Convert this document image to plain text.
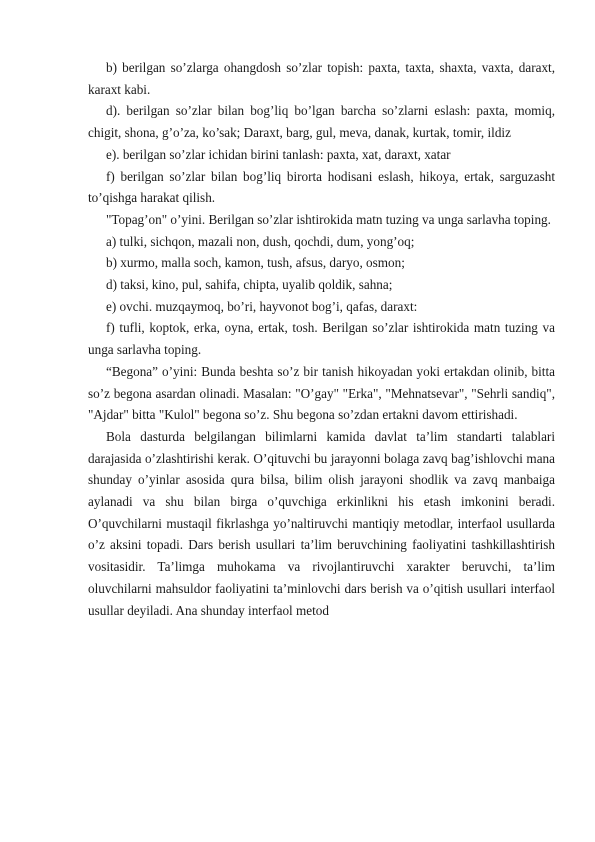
b) berilgan so’zlarga ohangdosh so’zlar topish: paxta, taxta, shaxta, vaxta, daraxt, karaxt kabi.

d). berilgan so’zlar bilan bog’liq bo’lgan barcha so’zlarni eslash: paxta, momiq, chigit, shona, g’o’za, ko’sak; Daraxt, barg, gul, meva, danak, kurtak, tomir, ildiz

e). berilgan so’zlar ichidan birini tanlash: paxta, xat, daraxt, xatar

f) berilgan so’zlar bilan bog’liq birorta hodisani eslash, hikoya, ertak, sarguzasht to’qishga harakat qilish.

"Topag’on" o’yini. Berilgan so’zlar ishtirokida matn tuzing va unga sarlavha toping.

a) tulki, sichqon, mazali non, dush, qochdi, dum, yong’oq;

b) xurmo, malla soch, kamon, tush, afsus, daryo, osmon;

d) taksi, kino, pul, sahifa, chipta, uyalib qoldik, sahna;

e) ovchi. muzqaymoq, bo’ri, hayvonot bog’i, qafas, daraxt:

f) tufli, koptok, erka, oyna, ertak, tosh. Berilgan so’zlar ishtirokida matn tuzing va unga sarlavha toping.

“Begona” o’yini: Bunda beshta so’z bir tanish hikoyadan yoki ertakdan olinib, bitta so’z begona asardan olinadi. Masalan: "O’gay" "Erka", "Mehnatsevar", "Sehrli sandiq", "Ajdar" bitta "Kulol" begona so’z. Shu begona so’zdan ertakni davom ettirishadi.

Bola dasturda belgilangan bilimlarni kamida davlat ta’lim standarti talablari darajasida o’zlashtirishi kerak. O’qituvchi bu jarayonni bolaga zavq bag’ishlovchi mana shunday o’yinlar asosida qura bilsa, bilim olish jarayoni shodlik va zavq manbaiga aylanadi va shu bilan birga o’quvchiga erkinlikni his etash imkonini beradi. O’quvchilarni mustaqil fikrlashga yo’naltiruvchi mantiqiy metodlar, interfaol usullarda o’z aksini topadi. Dars berish usullari ta’lim beruvchining faoliyatini tashkillashtirish vositasidir. Ta’limga muhokama va rivojlantiruvchi xarakter beruvchi, ta’lim oluvchilarni mahsuldor faoliyatini ta’minlovchi dars berish va o’qitish usullari interfaol usullar deyiladi. Ana shunday interfaol metod
